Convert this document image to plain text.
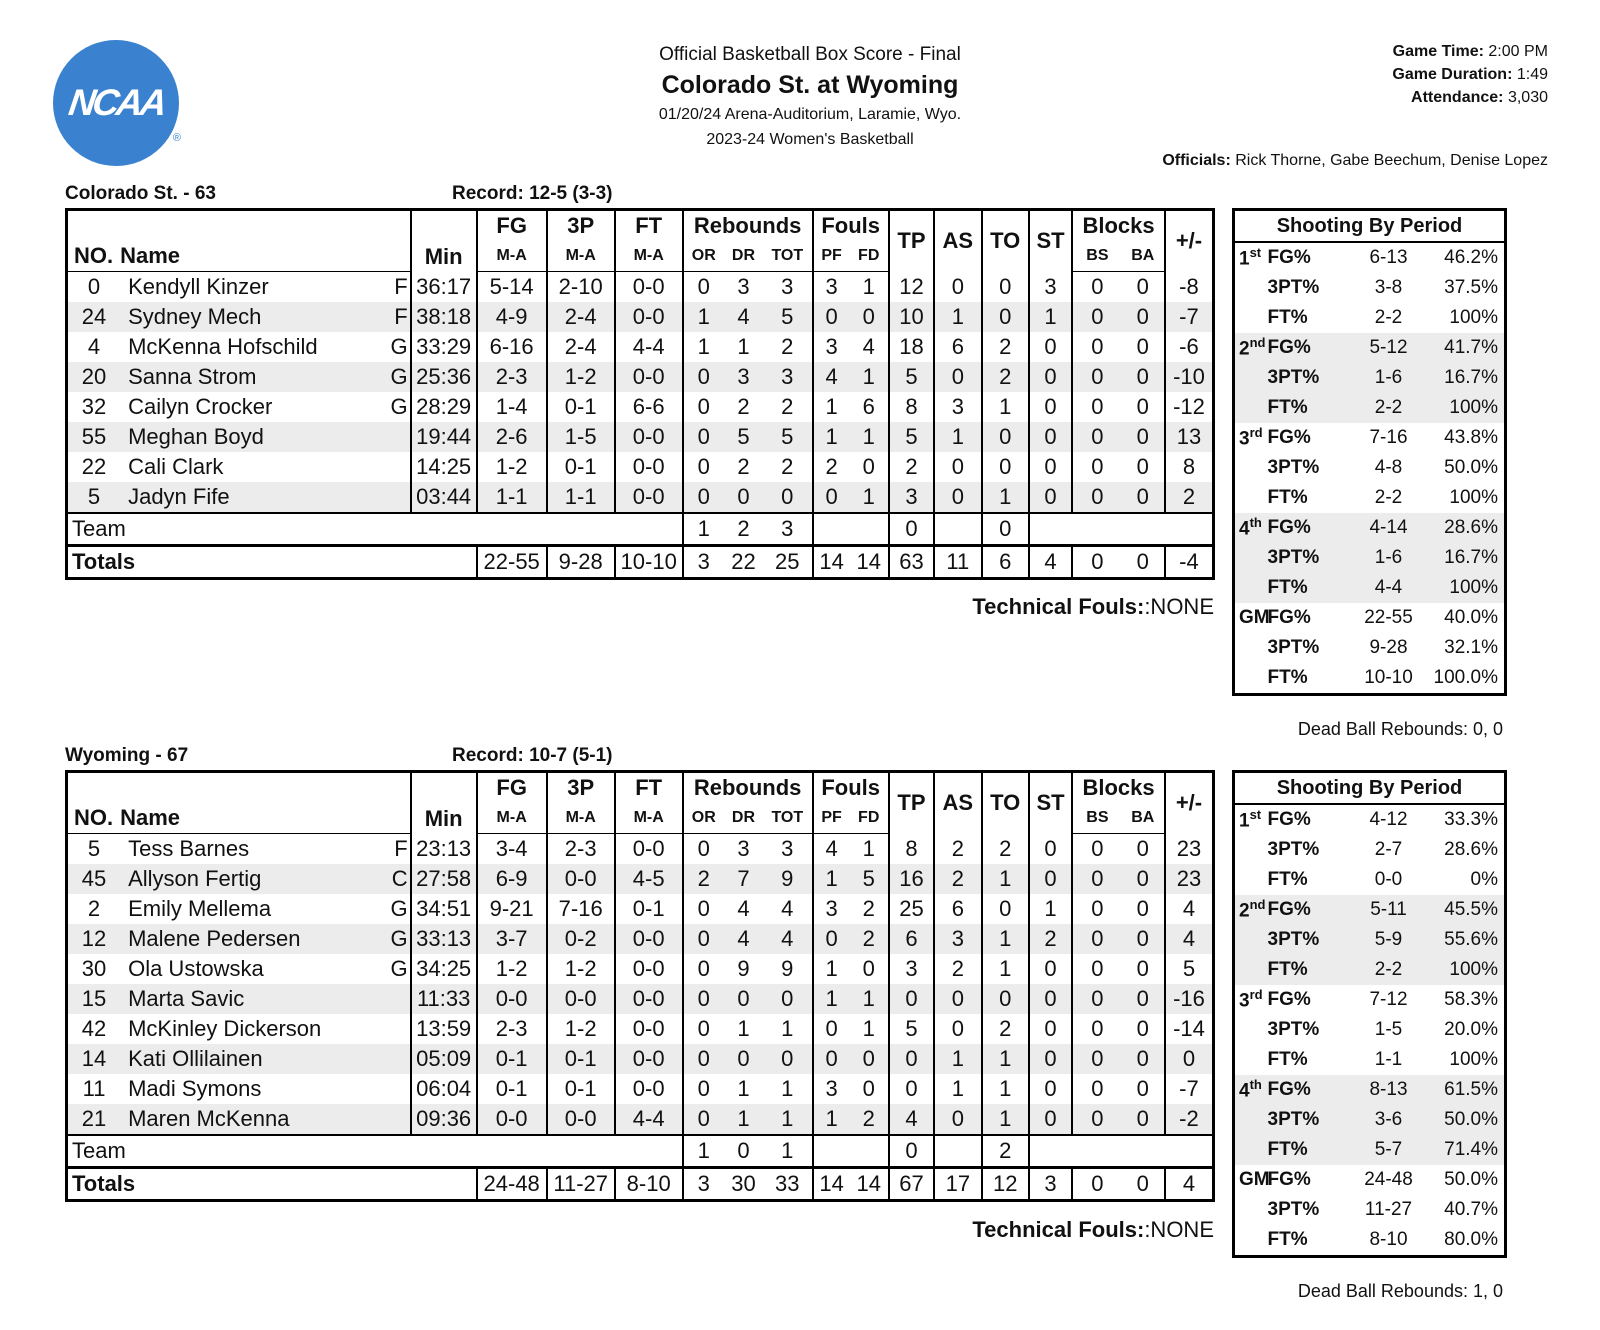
NCAA
®
Official Basketball Box Score - Final
Colorado St. at Wyoming
01/20/24 Arena-Auditorium, Laramie, Wyo.
2023-24 Women's Basketball
Game Time: 2:00 PM
Game Duration: 1:49
Attendance: 3,030
Officials: Rick Thorne, Gabe Beechum, Denise Lopez
Colorado St. - 63	Record: 12-5 (3-3)
		Min	FG	3P	FT	Rebounds			Fouls		TP	AS	TO	ST	Blocks		+/-
NO.	Name		M-A	M-A	M-A	OR	DR	TOT	PF	FD					BS	BA	
0	Kendyll Kinzer F	36:17	5-14	2-10	0-0	0	3	3	3	1	12	0	0	3	0	0	-8
24	Sydney Mech F	38:18	4-9	2-4	0-0	1	4	5	0	0	10	1	0	1	0	0	-7
4	McKenna Hofschild G	33:29	6-16	2-4	4-4	1	1	2	3	4	18	6	2	0	0	0	-6
20	Sanna Strom G	25:36	2-3	1-2	0-0	0	3	3	4	1	5	0	2	0	0	0	-10
32	Cailyn Crocker G	28:29	1-4	0-1	6-6	0	2	2	1	6	8	3	1	0	0	0	-12
55	Meghan Boyd	19:44	2-6	1-5	0-0	0	5	5	1	1	5	1	0	0	0	0	13
22	Cali Clark	14:25	1-2	0-1	0-0	0	2	2	2	0	2	0	0	0	0	0	8
5	Jadyn Fife	03:44	1-1	1-1	0-0	0	0	0	0	1	3	0	1	0	0	0	2
Team						1	2	3			0		0				
Totals			22-55	9-28	10-10	3	22	25	14	14	63	11	6	4	0	0	-4
Technical Fouls::NONE
Shooting By Period			
1st	FG%	6-13	46.2%
	3PT%	3-8	37.5%
	FT%	2-2	100%
2nd	FG%	5-12	41.7%
	3PT%	1-6	16.7%
	FT%	2-2	100%
3rd	FG%	7-16	43.8%
	3PT%	4-8	50.0%
	FT%	2-2	100%
4th	FG%	4-14	28.6%
	3PT%	1-6	16.7%
	FT%	4-4	100%
GM	FG%	22-55	40.0%
	3PT%	9-28	32.1%
	FT%	10-10	100.0%
Dead Ball Rebounds: 0, 0
Wyoming - 67	Record: 10-7 (5-1)
		Min	FG	3P	FT	Rebounds			Fouls		TP	AS	TO	ST	Blocks		+/-
NO.	Name		M-A	M-A	M-A	OR	DR	TOT	PF	FD					BS	BA	
5	Tess Barnes F	23:13	3-4	2-3	0-0	0	3	3	4	1	8	2	2	0	0	0	23
45	Allyson Fertig C	27:58	6-9	0-0	4-5	2	7	9	1	5	16	2	1	0	0	0	23
2	Emily Mellema G	34:51	9-21	7-16	0-1	0	4	4	3	2	25	6	0	1	0	0	4
12	Malene Pedersen G	33:13	3-7	0-2	0-0	0	4	4	0	2	6	3	1	2	0	0	4
30	Ola Ustowska G	34:25	1-2	1-2	0-0	0	9	9	1	0	3	2	1	0	0	0	5
15	Marta Savic	11:33	0-0	0-0	0-0	0	0	0	1	1	0	0	0	0	0	0	-16
42	McKinley Dickerson	13:59	2-3	1-2	0-0	0	1	1	0	1	5	0	2	0	0	0	-14
14	Kati Ollilainen	05:09	0-1	0-1	0-0	0	0	0	0	0	0	1	1	0	0	0	0
11	Madi Symons	06:04	0-1	0-1	0-0	0	1	1	3	0	0	1	1	0	0	0	-7
21	Maren McKenna	09:36	0-0	0-0	4-4	0	1	1	1	2	4	0	1	0	0	0	-2
Team						1	0	1			0		2				
Totals			24-48	11-27	8-10	3	30	33	14	14	67	17	12	3	0	0	4
Technical Fouls::NONE
Shooting By Period			
1st	FG%	4-12	33.3%
	3PT%	2-7	28.6%
	FT%	0-0	0%
2nd	FG%	5-11	45.5%
	3PT%	5-9	55.6%
	FT%	2-2	100%
3rd	FG%	7-12	58.3%
	3PT%	1-5	20.0%
	FT%	1-1	100%
4th	FG%	8-13	61.5%
	3PT%	3-6	50.0%
	FT%	5-7	71.4%
GM	FG%	24-48	50.0%
	3PT%	11-27	40.7%
	FT%	8-10	80.0%
Dead Ball Rebounds: 1, 0
